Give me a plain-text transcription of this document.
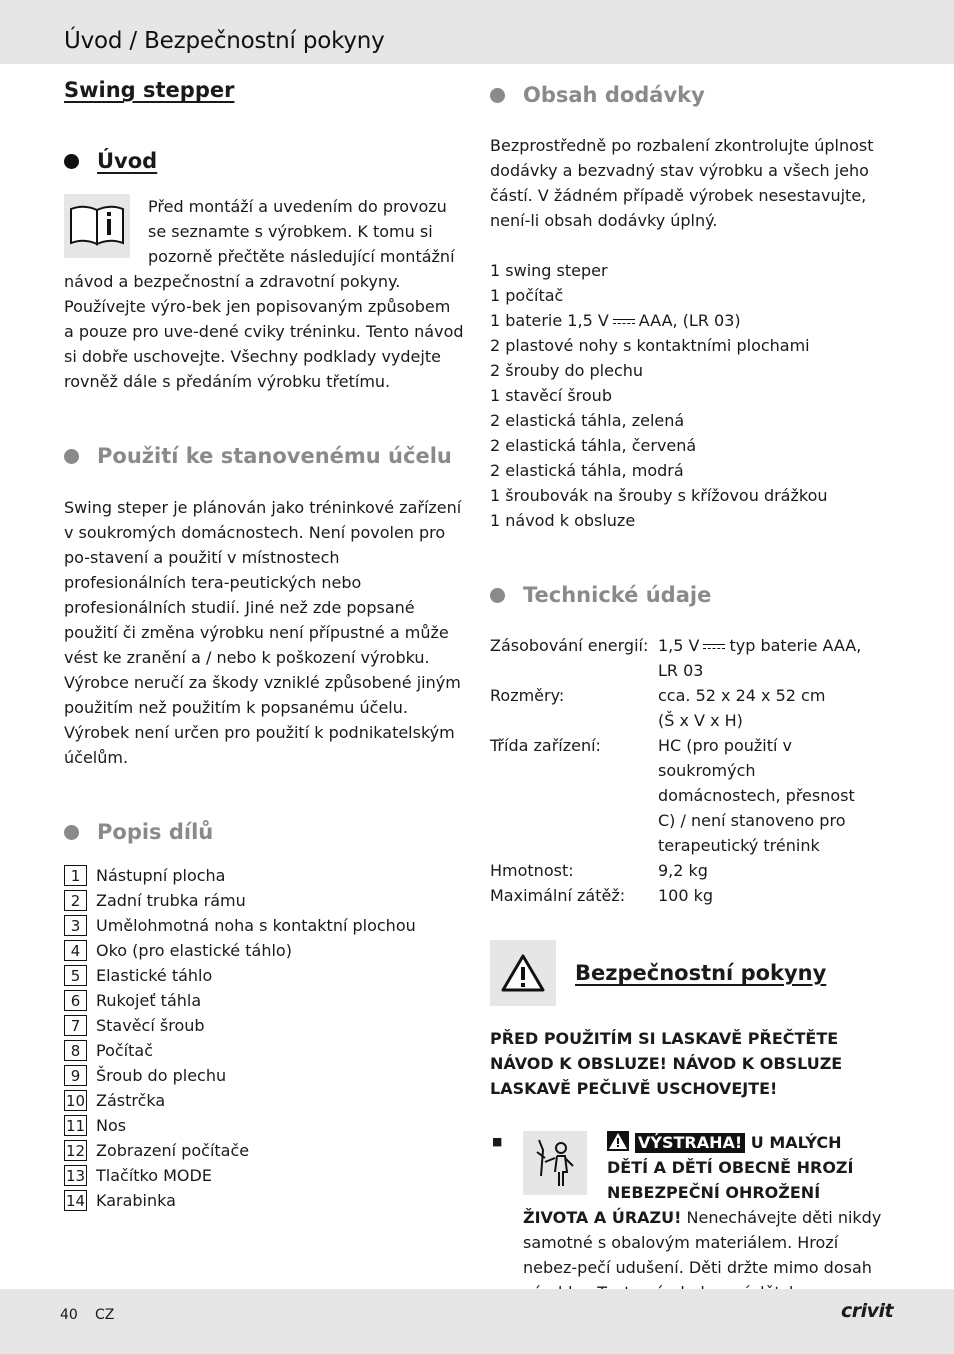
Úvod / Bezpečnostní pokyny
Swing stepper
Úvod
Před montáží a uvedením do provozu se seznamte s výrobkem. K tomu si pozorně přečtěte následující montážní návod a bezpečnostní a zdravotní pokyny. Používejte výro-bek jen popisovaným způsobem a pouze pro uve-dené cviky tréninku. Tento návod si dobře uschovejte. Všechny podklady vydejte rovněž dále s předáním výrobku třetímu.
Použití ke stanovenému účelu
Swing steper je plánován jako tréninkové zařízení v soukromých domácnostech. Není povolen pro po-stavení a použití v místnostech profesionálních tera-peutických nebo profesionálních studií. Jiné než zde popsané použití či změna výrobku není přípustné a může vést ke zranění a / nebo k poškození výrobku. Výrobce neručí za škody vzniklé způsobené jiným použitím než použitím k popsanému účelu. Výrobek není určen pro použití k podnikatelským účelům.
Popis dílů
1 Nástupní plocha
2 Zadní trubka rámu
3 Umělohmotná noha s kontaktní plochou
4 Oko (pro elastické táhlo)
5 Elastické táhlo
6 Rukojeť táhla
7 Stavěcí šroub
8 Počítač
9 Šroub do plechu
10 Zástrčka
11 Nos
12 Zobrazení počítače
13 Tlačítko MODE
14 Karabinka
Obsah dodávky
Bezprostředně po rozbalení zkontrolujte úplnost dodávky a bezvadný stav výrobku a všech jeho částí. V žádném případě výrobek nesestavujte, není-li obsah dodávky úplný.
1 swing steper
1 počítač
1 baterie 1,5 V AAA, (LR 03)
2 plastové nohy s kontaktními plochami
2 šrouby do plechu
1 stavěcí šroub
2 elastická táhla, zelená
2 elastická táhla, červená
2 elastická táhla, modrá
1 šroubovák na šrouby s křížovou drážkou
1 návod k obsluze
Technické údaje
Zásobování energií: 1,5 V typ baterie AAA,
LR 03
Rozměry:	cca. 52 x 24 x 52 cm
(Š x V x H)
Třída zařízení:	HC (pro použití v soukromých
domácnostech, přesnost
C) / není stanoveno pro
terapeutický trénink
Hmotnost:	9,2 kg
Maximální zátěž:	100 kg
Bezpečnostní pokyny
PŘED POUŽITÍM SI LASKAVĚ PŘEČTĚTE NÁVOD K OBSLUZE! NÁVOD K OBSLUZE LASKAVĚ PEČLIVĚ USCHOVEJTE!
■	VÝSTRAHA! U MALÝCH
DĚTÍ A DĚTÍ OBECNĚ HROZÍ
NEBEZPEČNÍ OHROŽENÍ
ŽIVOTA A ÚRAZU! Nenechávejte děti nikdy samotné s obalovým materiálem. Hrozí nebez-pečí udušení. Děti držte mimo dosah
40 CZ	crivit
